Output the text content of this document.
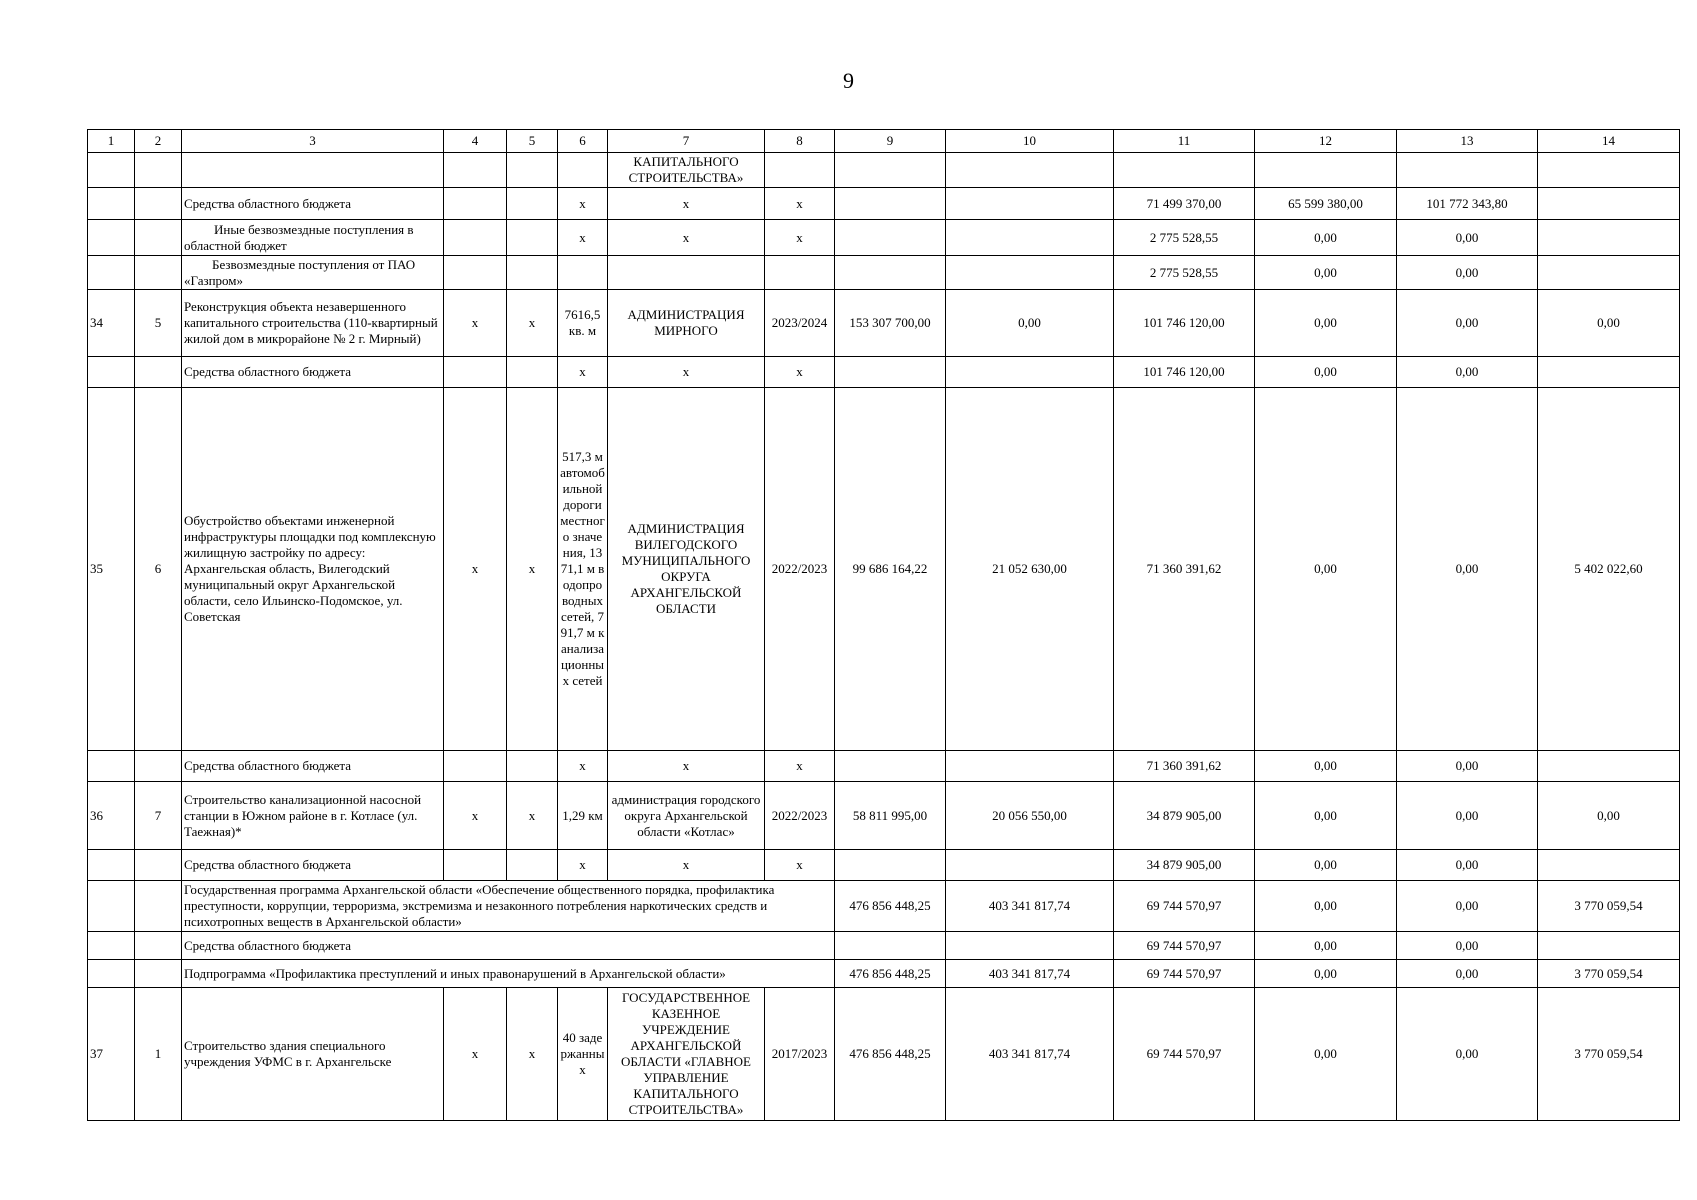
9
1	2	3	4	5	6	7	8	9	10	11	12	13	14
						КАПИТАЛЬНОГО СТРОИТЕЛЬСТВА»							
		Средства областного бюджета			x	x	x			71 499 370,00	65 599 380,00	101 772 343,80	
		Иные безвозмездные поступления в областной бюджет			x	x	x			2 775 528,55	0,00	0,00	
		Безвозмездные поступления от ПАО «Газпром»								2 775 528,55	0,00	0,00	
34	5	Реконструкция объекта незавершенного капитального строительства (110-квартирный жилой дом в микрорайоне № 2 г. Мирный)	x	x	7616,5 кв. м	АДМИНИСТРАЦИЯ МИРНОГО	2023/2024	153 307 700,00	0,00	101 746 120,00	0,00	0,00	0,00
		Средства областного бюджета			x	x	x			101 746 120,00	0,00	0,00	
35	6	Обустройство объектами инженерной инфраструктуры площадки под комплексную жилищную застройку по адресу: Архангельская область, Вилегодский муниципальный округ Архангельской области, село Ильинско-Подомское, ул. Советская	x	x	517,3 м автомобильной дороги местного значения, 1371,1 м водопроводных сетей, 791,7 м канализационных сетей	АДМИНИСТРАЦИЯ ВИЛЕГОДСКОГО МУНИЦИПАЛЬНОГО ОКРУГА АРХАНГЕЛЬСКОЙ ОБЛАСТИ	2022/2023	99 686 164,22	21 052 630,00	71 360 391,62	0,00	0,00	5 402 022,60
		Средства областного бюджета			x	x	x			71 360 391,62	0,00	0,00	
36	7	Строительство канализационной насосной станции в Южном районе в г. Котласе (ул. Таежная)*	x	x	1,29 км	администрация городского округа Архангельской области «Котлас»	2022/2023	58 811 995,00	20 056 550,00	34 879 905,00	0,00	0,00	0,00
		Средства областного бюджета			x	x	x			34 879 905,00	0,00	0,00	
		Государственная программа Архангельской области «Обеспечение общественного порядка, профилактика преступности, коррупции, терроризма, экстремизма и незаконного потребления наркотических средств и психотропных веществ в Архангельской области»						476 856 448,25	403 341 817,74	69 744 570,97	0,00	0,00	3 770 059,54
		Средства областного бюджета								69 744 570,97	0,00	0,00	
		Подпрограмма «Профилактика преступлений и иных правонарушений в Архангельской области»						476 856 448,25	403 341 817,74	69 744 570,97	0,00	0,00	3 770 059,54
37	1	Строительство здания специального учреждения УФМС в г. Архангельске	x	x	40 задержанных	ГОСУДАРСТВЕННОЕ КАЗЕННОЕ УЧРЕЖДЕНИЕ АРХАНГЕЛЬСКОЙ ОБЛАСТИ «ГЛАВНОЕ УПРАВЛЕНИЕ КАПИТАЛЬНОГО СТРОИТЕЛЬСТВА»	2017/2023	476 856 448,25	403 341 817,74	69 744 570,97	0,00	0,00	3 770 059,54
